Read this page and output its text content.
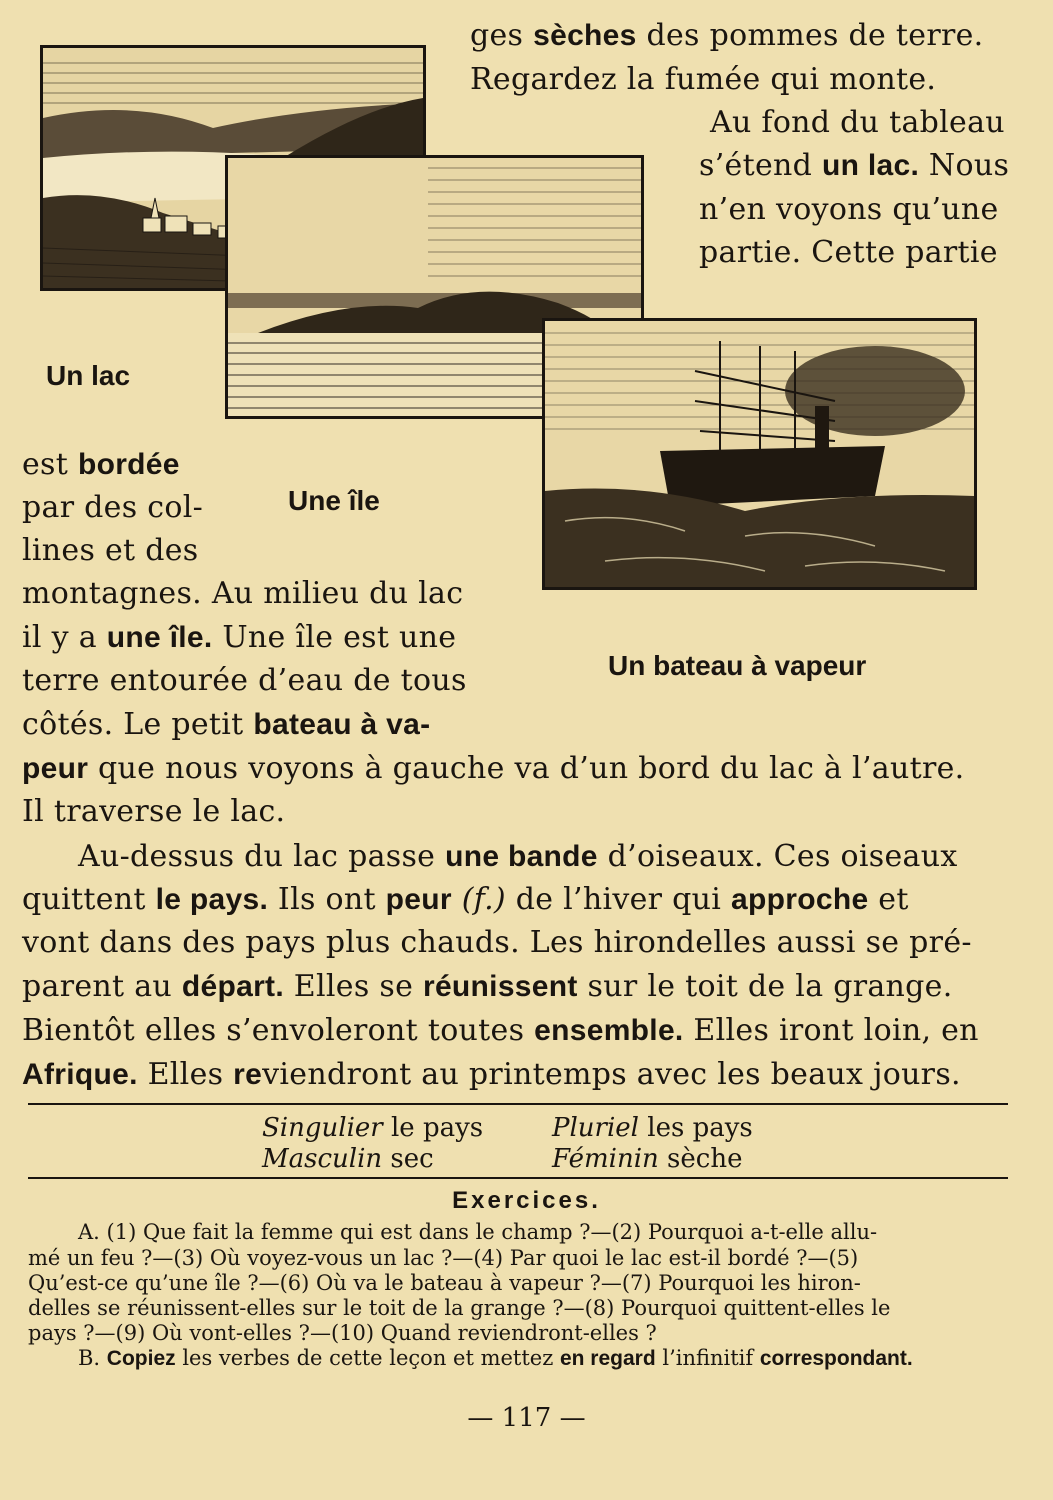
Un lac
Une île
Un bateau à vapeur
ges sèches des pommes de terre.
Regardez la fumée qui monte.
Au fond du tableau
s’étend un lac. Nous
n’en voyons qu’une
partie. Cette partie
est bordée
par des col-
lines et des
montagnes. Au milieu du lac
il y a une île. Une île est une
terre entourée d’eau de tous
côtés. Le petit bateau à va-
peur que nous voyons à gauche va d’un bord du lac à l’autre.
Il traverse le lac.
Au-dessus du lac passe une bande d’oiseaux. Ces oiseaux
quittent le pays. Ils ont peur (f.) de l’hiver qui approche et
vont dans des pays plus chauds. Les hirondelles aussi se pré-
parent au départ. Elles se réunissent sur le toit de la grange.
Bientôt elles s’envoleront toutes ensemble. Elles iront loin, en
Afrique. Elles reviendront au printemps avec les beaux jours.
Singulier le pays	Pluriel les pays
Masculin sec	Féminin sèche
Exercices.
A. (1) Que fait la femme qui est dans le champ ?—(2) Pourquoi a-t-elle allu-
mé un feu ?—(3) Où voyez-vous un lac ?—(4) Par quoi le lac est-il bordé ?—(5)
Qu’est-ce qu’une île ?—(6) Où va le bateau à vapeur ?—(7) Pourquoi les hiron-
delles se réunissent-elles sur le toit de la grange ?—(8) Pourquoi quittent-elles le
pays ?—(9) Où vont-elles ?—(10) Quand reviendront-elles ?
B. Copiez les verbes de cette leçon et mettez en regard l’infinitif correspondant.
— 117 —
